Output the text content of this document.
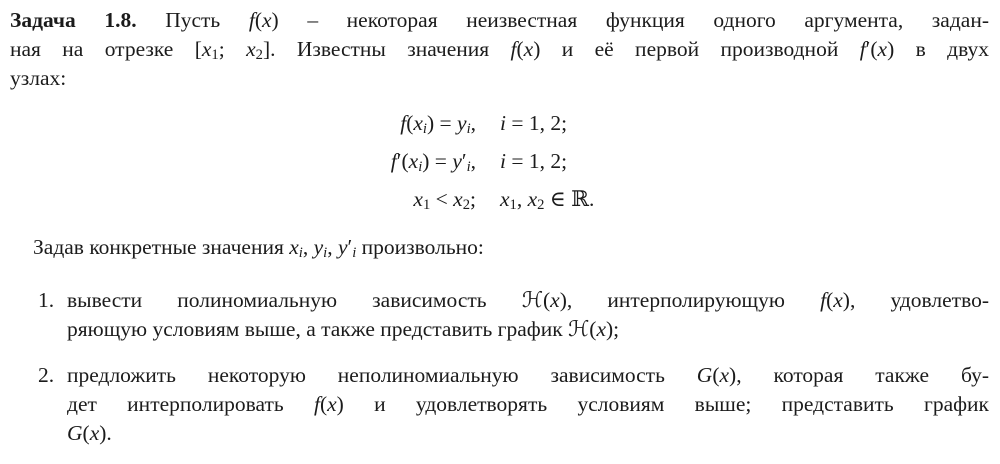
Задача 1.8. Пусть f(x) – некоторая неизвестная функция одного аргумента, задан-
ная на отрезке [$x_1$; $x_2$]. Известны значения f(x) и её первой производной f′(x) в двух
узлах:
$f(x_i) = y_i$, i = 1, 2;
$f'(x_i) = y'_i$, i = 1, 2;
$x_1 < x_2$; $x_1$, $x_2$ ∈ ℝ.
Задав конкретные значения $x_i$, $y_i$, $y'_i$ произвольно:
1. вывести полиномиальную зависимость ℋ(x), интерполирующую f(x), удовлетво-
ряющую условиям выше, а также представить график ℋ(x);
2. предложить некоторую неполиномиальную зависимость G(x), которая также бу-
дет интерполировать f(x) и удовлетворять условиям выше; представить график
G(x).
